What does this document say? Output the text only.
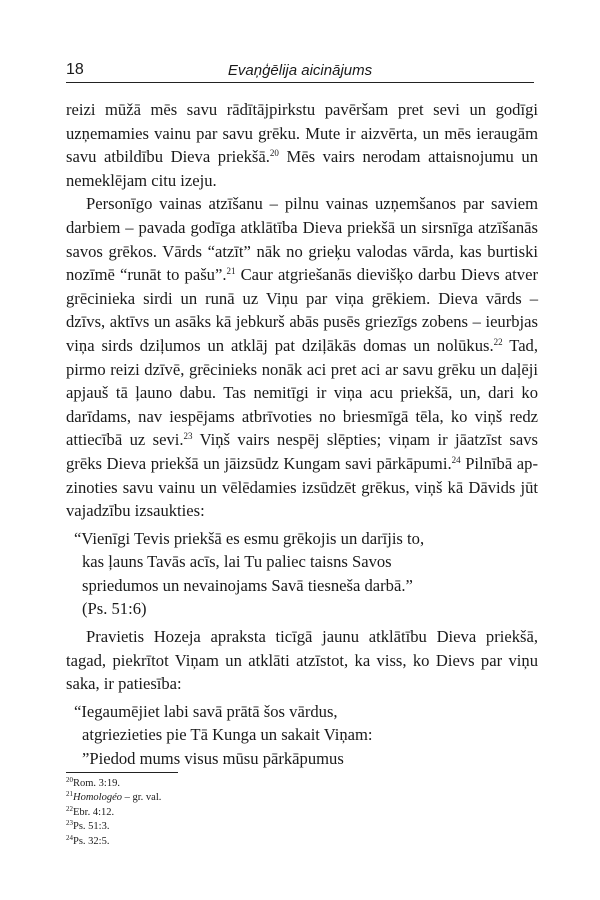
18	Evaņģēlija aicinājums

reizi mūžā mēs savu rādītājpirkstu pavēršam pret sevi un godīgi uzņemamies vainu par savu grēku. Mute ir aizvērta, un mēs ieraugām savu atbildību Dieva priekšā.$^{20}$ Mēs vairs nerodam attaisnojumu un nemeklējam citu izeju.

Personīgo vainas atzīšanu – pilnu vainas uzņemšanos par saviem darbiem – pavada godīga atklātība Dieva priekšā un sirsnīga atzīšanās savos grēkos. Vārds “atzīt” nāk no grieķu valodas vārda, kas burtiski nozīmē “runāt to pašu”.$^{21}$ Caur atgriešanās dievišķo darbu Dievs atver grēcinieka sirdi un runā uz Viņu par viņa grēkiem. Dieva vārds – dzīvs, aktīvs un asāks kā jebkurš abās pusēs griezīgs zobens – ieurbjas viņa sirds dziļumos un atklāj pat dziļākās domas un nolūkus.$^{22}$ Tad, pirmo reizi dzīvē, grēcinieks nonāk aci pret aci ar savu grēku un daļēji apjauš tā ļauno dabu. Tas nemitīgi ir viņa acu priekšā, un, dari ko darīdams, nav iespējams atbrīvoties no briesmīgā tēla, ko viņš redz attiecībā uz sevi.$^{23}$ Viņš vairs nespēj slēpties; viņam ir jāatzīst savs grēks Dieva priekšā un jāizsūdz Kungam savi pārkāpumi.$^{24}$ Pilnībā apzinoties savu vainu un vēlēdamies izsūdzēt grēkus, viņš kā Dāvids jūt vajadzību izsaukties:

“Vienīgi Tevis priekšā es esmu grēkojis un darījis to,
kas ļauns Tavās acīs, lai Tu paliec taisns Savos
spriedumos un nevainojams Savā tiesneša darbā.”
(Ps. 51:6)

Pravietis Hozeja apraksta ticīgā jaunu atklātību Dieva priekšā, tagad, piekrītot Viņam un atklāti atzīstot, ka viss, ko Dievs par viņu saka, ir patiesība:

“Iegaumējiet labi savā prātā šos vārdus,
atgriezieties pie Tā Kunga un sakait Viņam:
”Piedod mums visus mūsu pārkāpumus
$^{20}$Rom. 3:19.
$^{21}$Homologéo – gr. val.
$^{22}$Ebr. 4:12.
$^{23}$Ps. 51:3.
$^{24}$Ps. 32:5.
